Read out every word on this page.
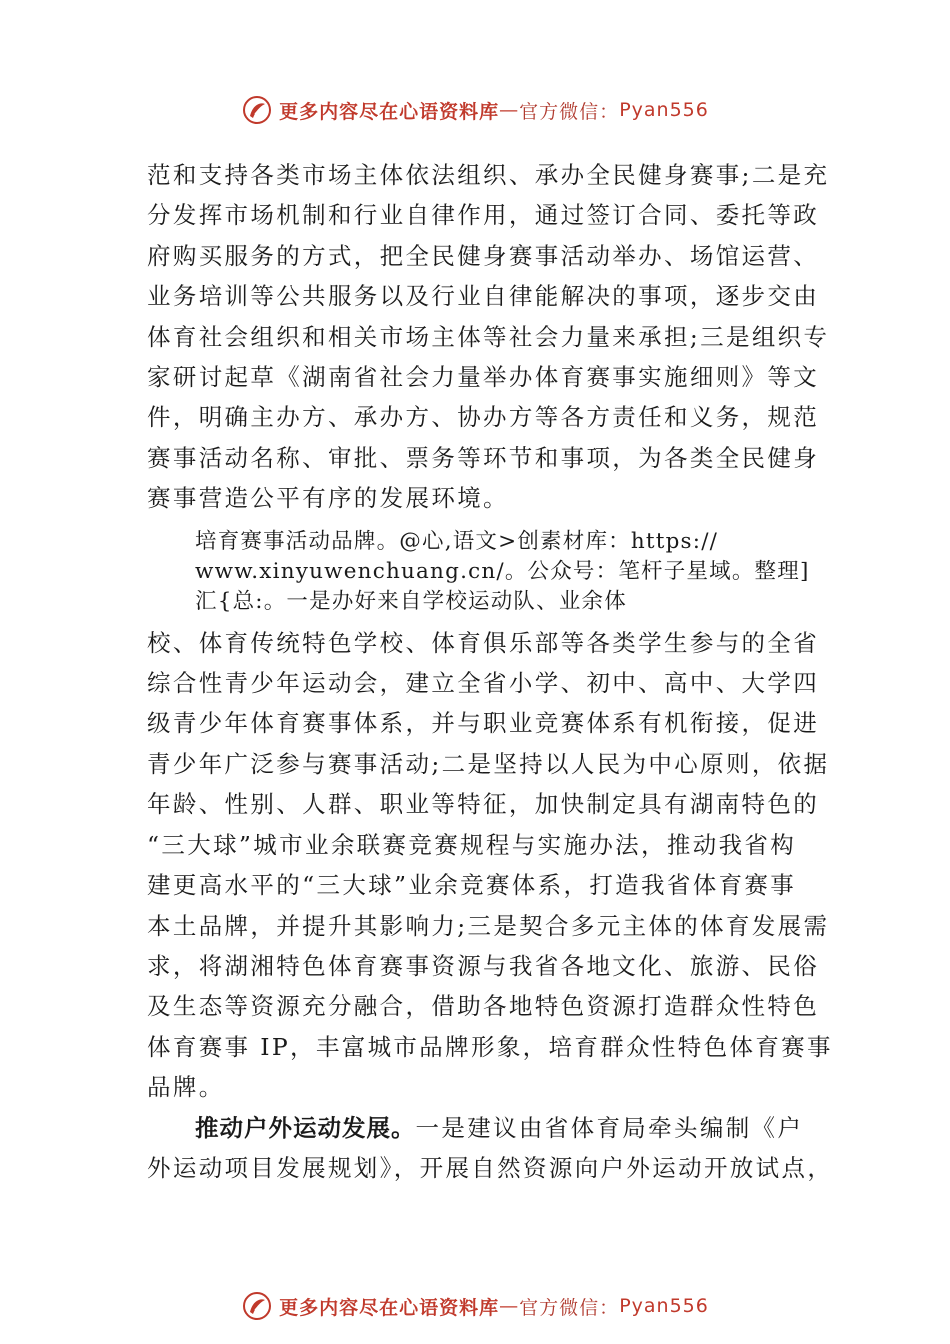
更多内容尽在心语资料库 — 官方微信： Pyan556

范和支持各类市场主体依法组织、承办全民健身赛事;二是充
分发挥市场机制和行业自律作用，通过签订合同、委托等政
府购买服务的方式，把全民健身赛事活动举办、场馆运营、
业务培训等公共服务以及行业自律能解决的事项，逐步交由
体育社会组织和相关市场主体等社会力量来承担;三是组织专
家研讨起草《湖南省社会力量举办体育赛事实施细则》等文
件，明确主办方、承办方、协办方等各方责任和义务，规范
赛事活动名称、审批、票务等环节和事项，为各类全民健身
赛事营造公平有序的发展环境。

培育赛事活动品牌。@心,语文>创素材库：https://
www.xinyuwenchuang.cn/。公众号：笔杆子星域。整理]
汇{总:。一是办好来自学校运动队、业余体

校、体育传统特色学校、体育俱乐部等各类学生参与的全省
综合性青少年运动会，建立全省小学、初中、高中、大学四
级青少年体育赛事体系，并与职业竞赛体系有机衔接，促进
青少年广泛参与赛事活动;二是坚持以人民为中心原则，依据
年龄、性别、人群、职业等特征，加快制定具有湖南特色的
“三大球”城市业余联赛竞赛规程与实施办法，推动我省构
建更高水平的“三大球”业余竞赛体系，打造我省体育赛事
本土品牌，并提升其影响力;三是契合多元主体的体育发展需
求，将湖湘特色体育赛事资源与我省各地文化、旅游、民俗
及生态等资源充分融合，借助各地特色资源打造群众性特色
体育赛事 IP，丰富城市品牌形象，培育群众性特色体育赛事
品牌。

推动户外运动发展。一是建议由省体育局牵头编制《户
外运动项目发展规划》，开展自然资源向户外运动开放试点，

更多内容尽在心语资料库 — 官方微信： Pyan556
